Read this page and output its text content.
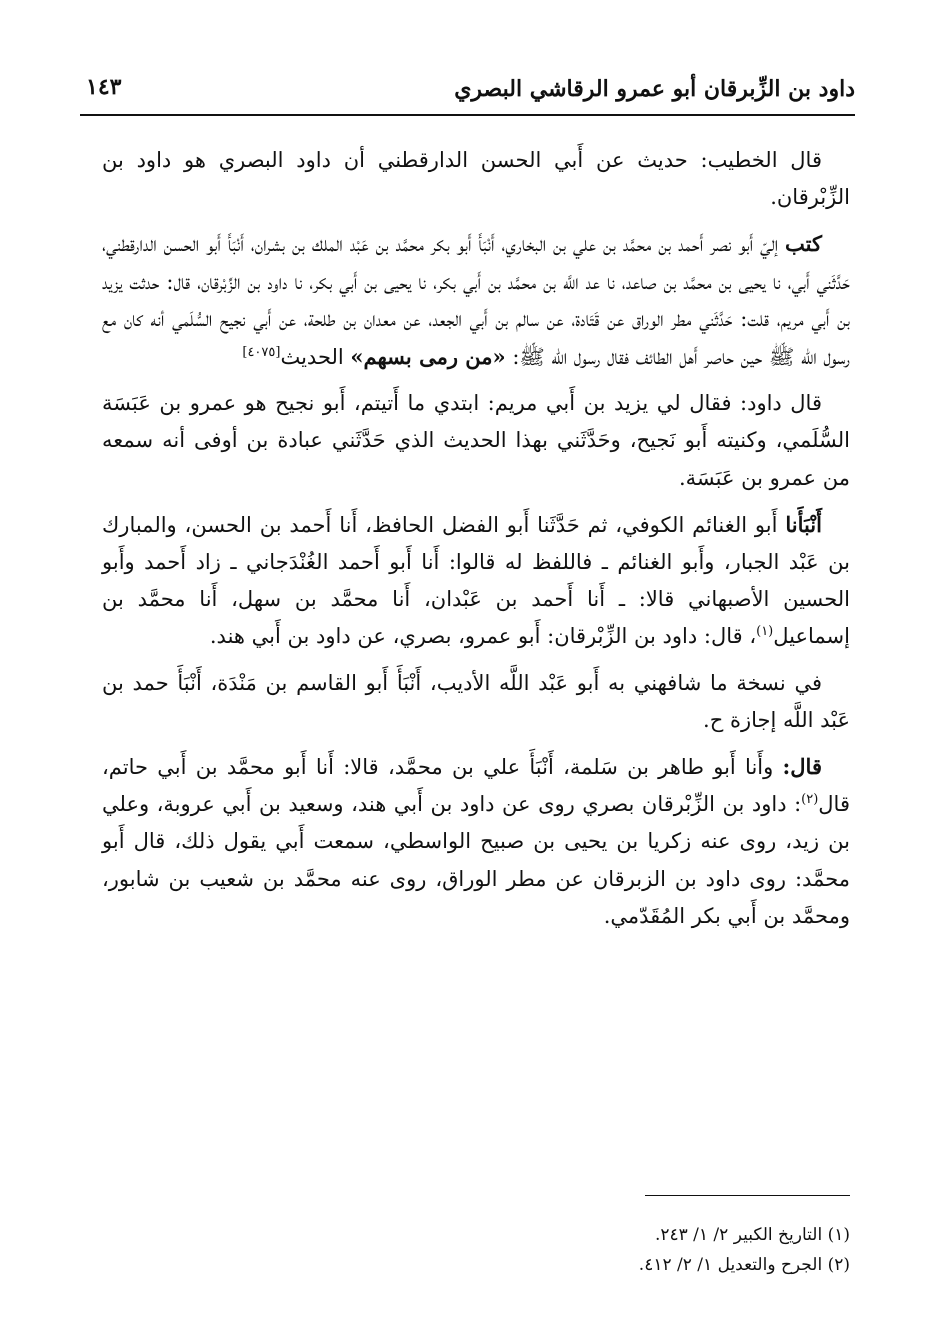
داود بن الزِّبرقان أبو عمرو الرقاشي البصري
١٤٣

قال الخطيب: حديث عن أَبي الحسن الدارقطني أن داود البصري هو داود بن الزِّبْرقان.

كتب إليّ أَبو نصر أَحمد بن محمَّد بن علي بن البخاري، أَنْبَأَ أَبو بكر محمَّد بن عَبْد الملك بن بشران، أَنْبَأَ أَبو الحسن الدارقطني، حَدَّثَني أَبي، نا يحيى بن محمَّد بن صاعد، نا عد اللَّه بن محمَّد بن أَبي بكر، نا يحيى بن أَبي بكر، نا داود بن الزِّبْرقان، قال: حدثت يزيد بن أَبي مريم، قلت: حَدَّثَني مطر الوراق عن قَتَادة، عن سالم بن أَبي الجعد، عن معدان بن طلحة، عن أَبي نجيح السُّلَمي أنه كان مع رسول الله ﷺ حين حاصر أَهل الطائف فقال رسول الله ﷺ: «من رمى بسهم» الحديث[٤٠٧٥]

قال داود: فقال لي يزيد بن أَبي مريم: ابتدي ما أَتيتم، أَبو نجيح هو عمرو بن عَبَسَة السُّلَمي، وكنيته أَبو نَجيح، وحَدَّثَني بهذا الحديث الذي حَدَّثَني عبادة بن أوفى أنه سمعه من عمرو بن عَبَسَة.

أَنْبَأَنا أَبو الغنائم الكوفي، ثم حَدَّثَنا أَبو الفضل الحافظ، أَنا أَحمد بن الحسن، والمبارك بن عَبْد الجبار، وأَبو الغنائم ـ فاللفظ له قالوا: أَنا أَبو أَحمد الغُنْدَجاني ـ زاد أَحمد وأَبو الحسين الأصبهاني قالا: ـ أَنا أَحمد بن عَبْدان، أَنا محمَّد بن سهل، أَنا محمَّد بن إسماعيل$^{(١)}$، قال: داود بن الزِّبْرقان: أَبو عمرو، بصري، عن داود بن أَبي هند.

في نسخة ما شافهني به أَبو عَبْد اللَّه الأديب، أَنْبَأَ أَبو القاسم بن مَنْدَة، أَنْبَأَ حمد بن عَبْد اللَّه إجازة ح.

قال: وأَنا أَبو طاهر بن سَلمة، أَنْبَأَ علي بن محمَّد، قالا: أَنا أَبو محمَّد بن أَبي حاتم، قال$^{(٢)}$: داود بن الزِّبْرقان بصري روى عن داود بن أَبي هند، وسعيد بن أَبي عروبة، وعلي بن زيد، روى عنه زكريا بن يحيى بن صبيح الواسطي، سمعت أَبي يقول ذلك، قال أَبو محمَّد: روى داود بن الزبرقان عن مطر الوراق، روى عنه محمَّد بن شعيب بن شابور، ومحمَّد بن أَبي بكر المُقَدّمي.

(١) التاريخ الكبير ٢/ ١/ ٢٤٣.

(٢) الجرح والتعديل ١/ ٢/ ٤١٢.
